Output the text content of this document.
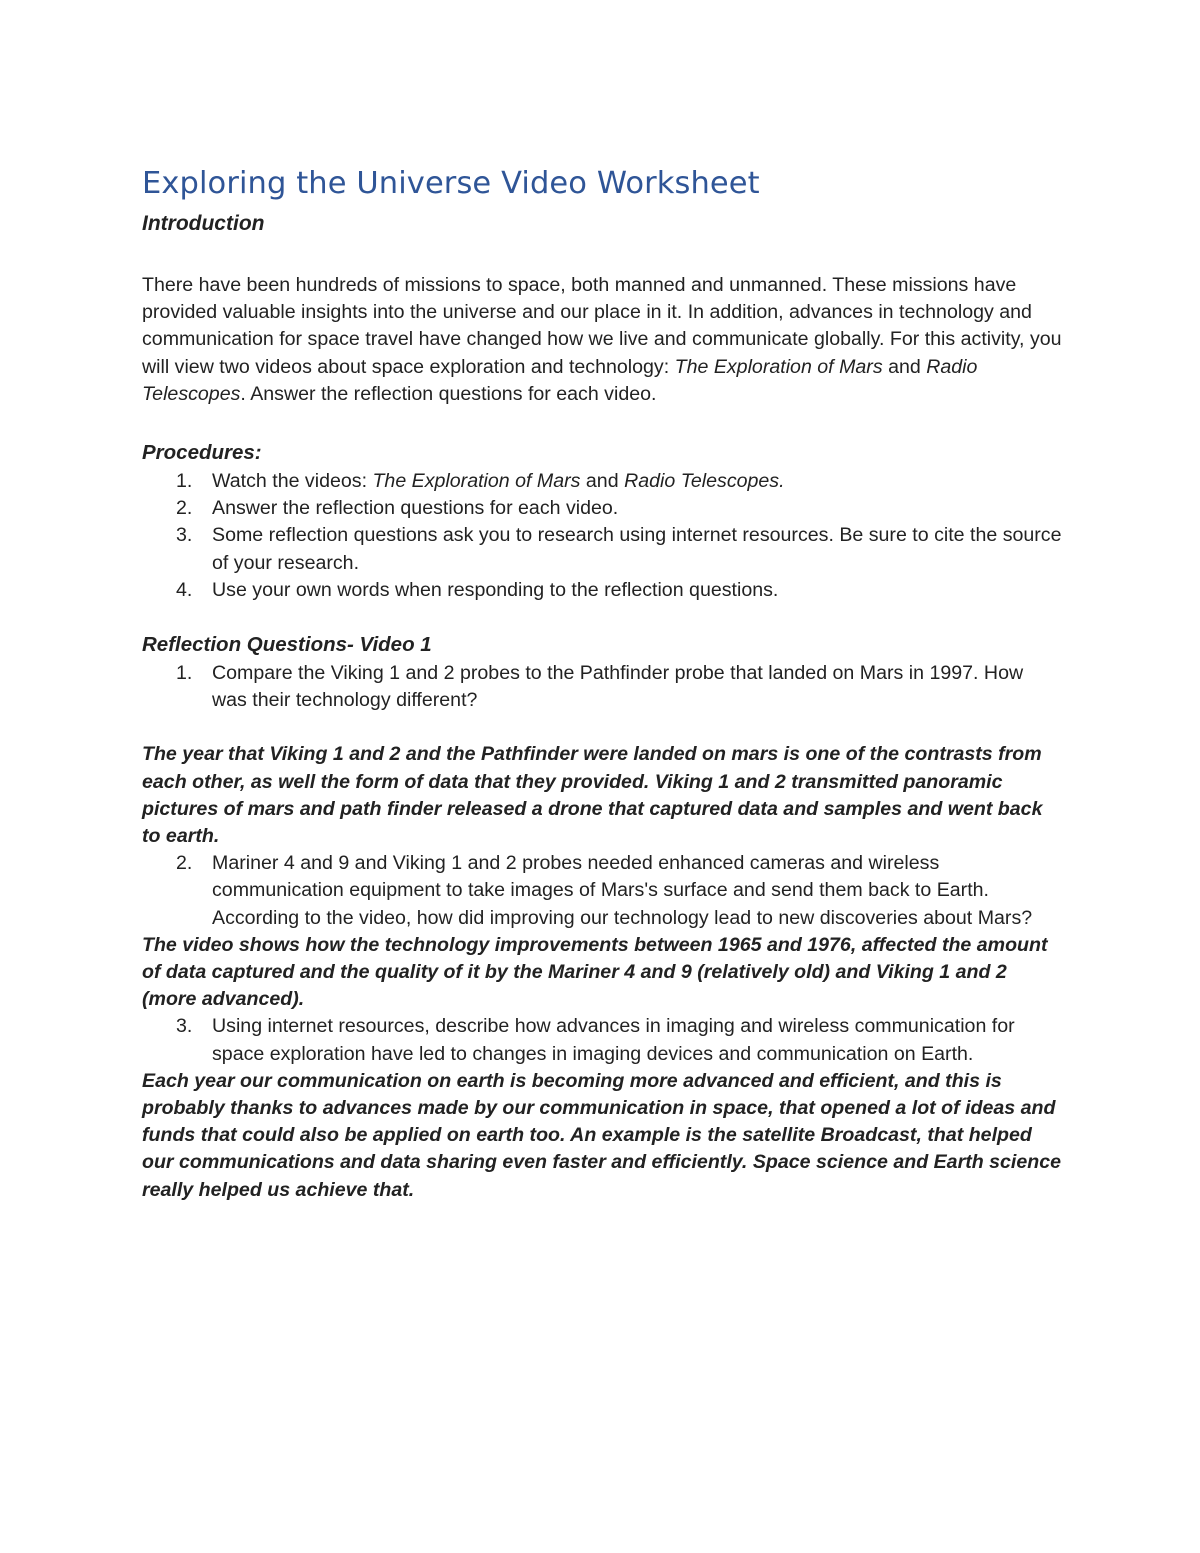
Exploring the Universe Video Worksheet
Introduction

There have been hundreds of missions to space, both manned and unmanned. These missions have provided valuable insights into the universe and our place in it. In addition, advances in technology and communication for space travel have changed how we live and communicate globally. For this activity, you will view two videos about space exploration and technology: The Exploration of Mars and Radio Telescopes. Answer the reflection questions for each video.

Procedures:
1. Watch the videos: The Exploration of Mars and Radio Telescopes.
2. Answer the reflection questions for each video.
3. Some reflection questions ask you to research using internet resources. Be sure to cite the source of your research.
4. Use your own words when responding to the reflection questions.
Reflection Questions- Video 1
1. Compare the Viking 1 and 2 probes to the Pathfinder probe that landed on Mars in 1997. How was their technology different?

The year that Viking 1 and 2 and the Pathfinder were landed on mars is one of the contrasts from each other, as well the form of data that they provided. Viking 1 and 2 transmitted panoramic pictures of mars and path finder released a drone that captured data and samples and went back to earth.

2. Mariner 4 and 9 and Viking 1 and 2 probes needed enhanced cameras and wireless communication equipment to take images of Mars's surface and send them back to Earth. According to the video, how did improving our technology lead to new discoveries about Mars?

The video shows how the technology improvements between 1965 and 1976, affected the amount of data captured and the quality of it by the Mariner 4 and 9 (relatively old) and Viking 1 and 2 (more advanced).

3. Using internet resources, describe how advances in imaging and wireless communication for space exploration have led to changes in imaging devices and communication on Earth.

Each year our communication on earth is becoming more advanced and efficient, and this is probably thanks to advances made by our communication in space, that opened a lot of ideas and funds that could also be applied on earth too. An example is the satellite Broadcast, that helped our communications and data sharing even faster and efficiently. Space science and Earth science really helped us achieve that.
